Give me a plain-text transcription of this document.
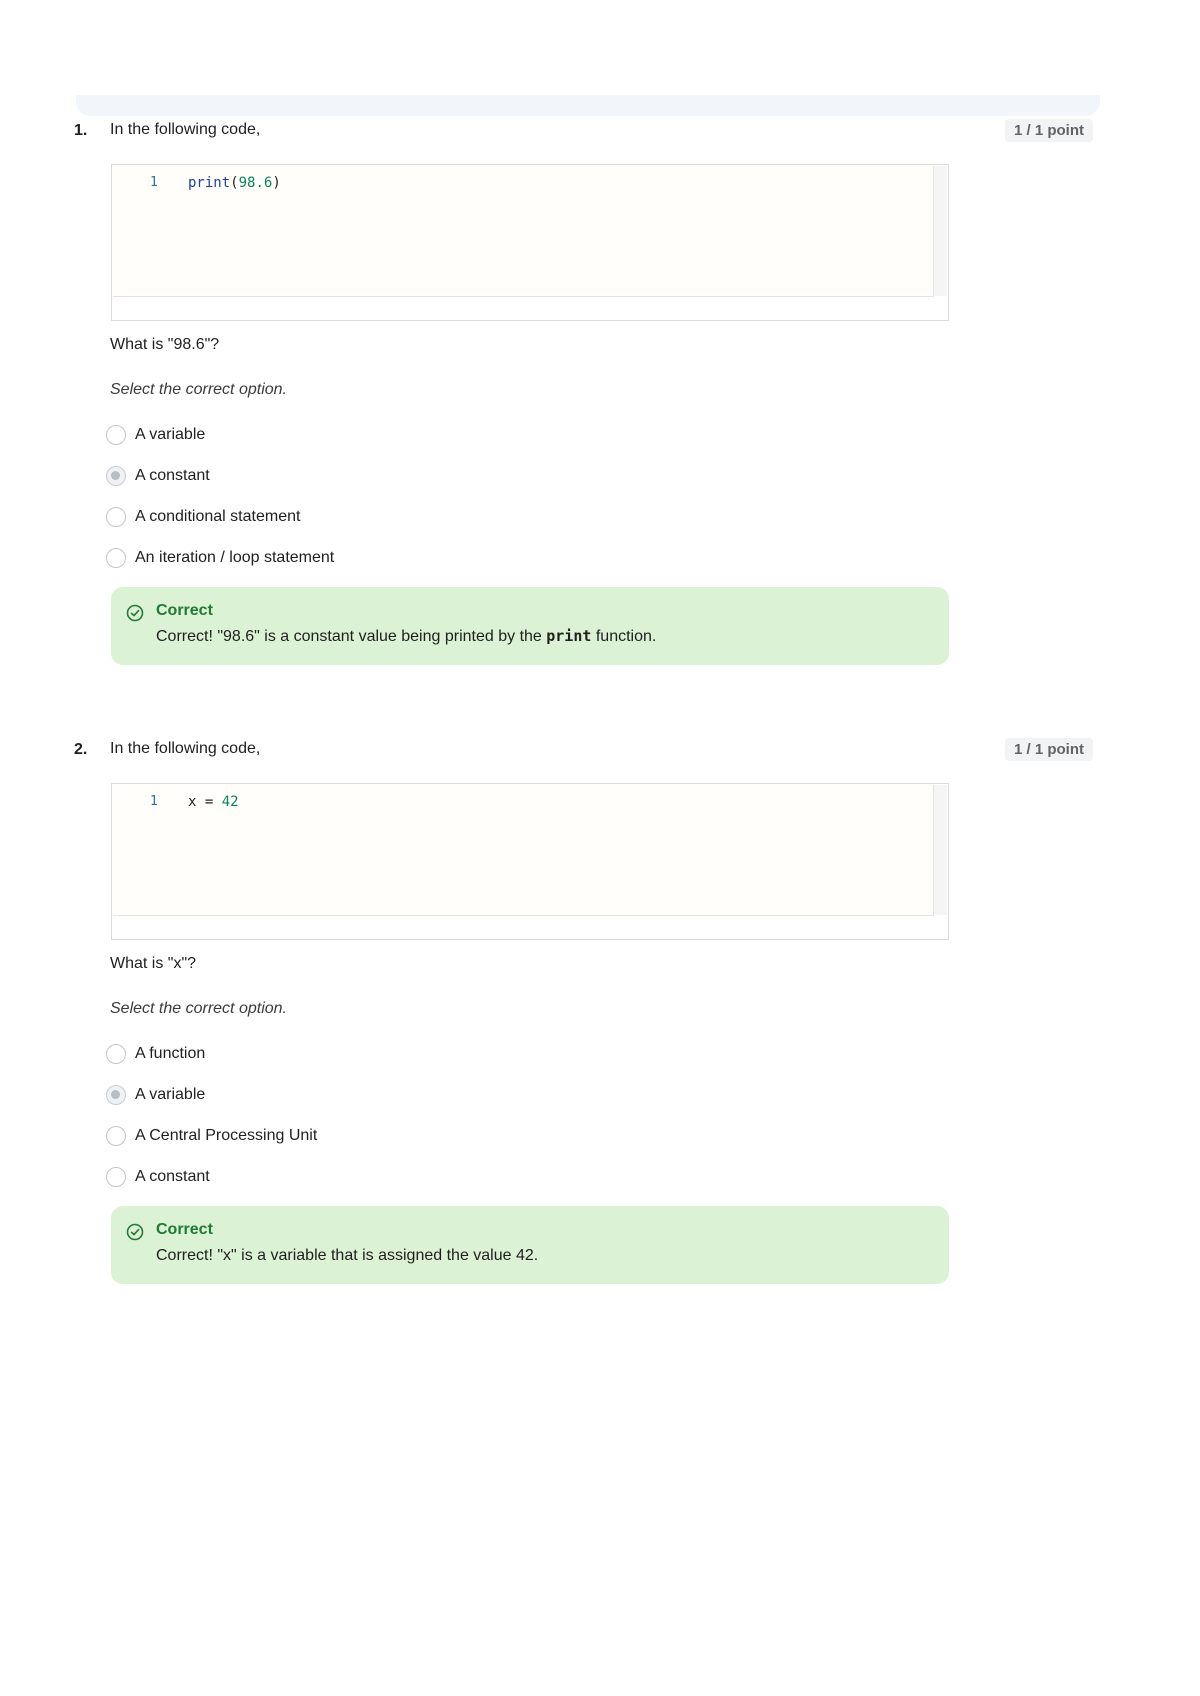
1. In the following code,	1 / 1 point
1 print(98.6)
What is "98.6"?
Select the correct option.
A variable
A constant
A conditional statement
An iteration / loop statement
Correct
Correct! "98.6" is a constant value being printed by the print function.
2. In the following code,	1 / 1 point
1 x = 42
What is "x"?
Select the correct option.
A function
A variable
A Central Processing Unit
A constant
Correct
Correct! "x" is a variable that is assigned the value 42.
